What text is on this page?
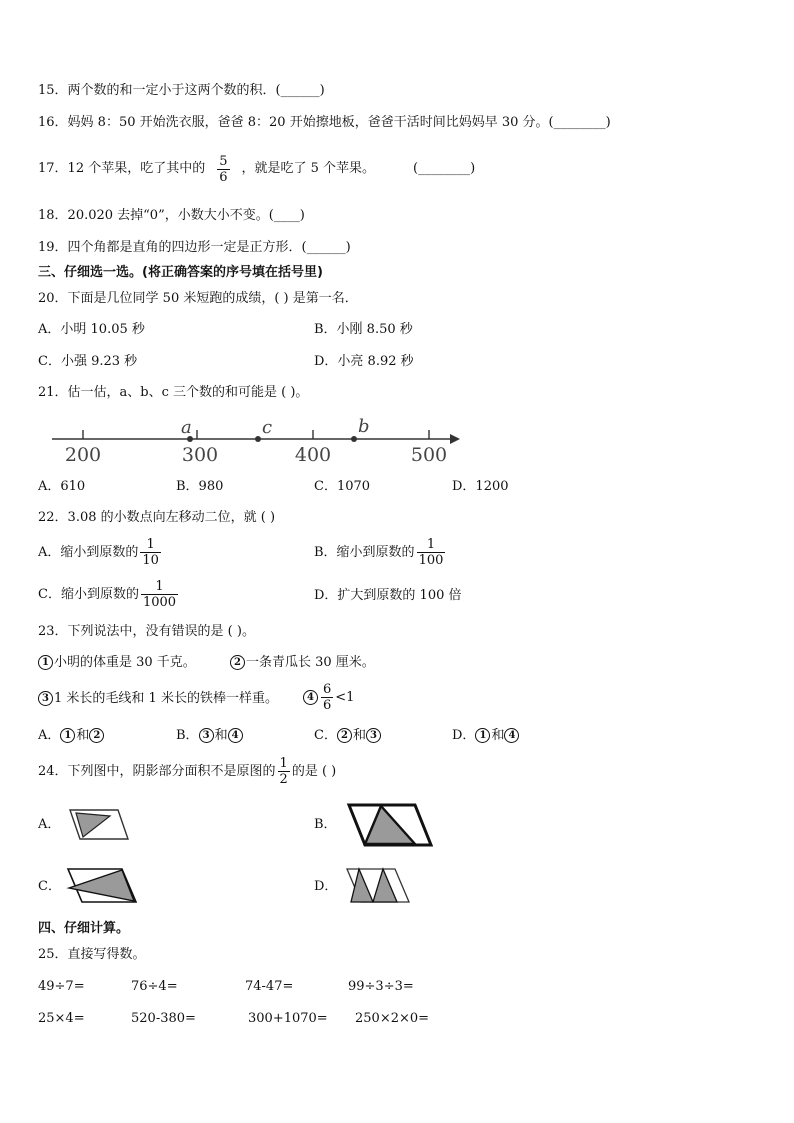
15．两个数的和一定小于这两个数的积．(______)
16．妈妈 8：50 开始洗衣服，爸爸 8：20 开始擦地板，爸爸干活时间比妈妈早 30 分。(________)
17．12 个苹果，吃了其中的 $\frac{5}{6}$ ，就是吃了 5 个苹果。	(________)
18．20.020 去掉“0”，小数大小不变。(____)
19．四个角都是直角的四边形一定是正方形．(______)
三、仔细选一选。(将正确答案的序号填在括号里)
20．下面是几位同学 50 米短跑的成绩，( ) 是第一名．
A．小明 10.05 秒	B．小刚 8.50 秒
C．小强 9.23 秒	D．小亮 8.92 秒
21．估一估，a、b、c 三个数的和可能是 ( )。
200	300	400	500
a	c	b
A．610	B．980	C．1070	D．1200
22．3.08 的小数点向左移动二位，就 ( )
A．缩小到原数的 $\frac{1}{10}$	B．缩小到原数的 $\frac{1}{100}$
C．缩小到原数的 $\frac{1}{1000}$	D．扩大到原数的 100 倍
23．下列说法中，没有错误的是 ( )。
1 小明的体重是 30 千克。	2 一条青瓜长 30 厘米。
3 1 米长的毛线和 1 米长的铁棒一样重。	$4 \frac{6}{6} <1$
A． 1 和 2	B． 3 和 4	C． 2 和 3	D． 1 和 4
24．下列图中，阴影部分面积不是原图的 $\frac{1}{2}$ 的是 ( )
A．	B．
C．	D．
四、仔细计算。
25．直接写得数。
49÷7=	76÷4=	74-47=	99÷3÷3=
25×4=	520-380=	300+1070= 250×2×0=
